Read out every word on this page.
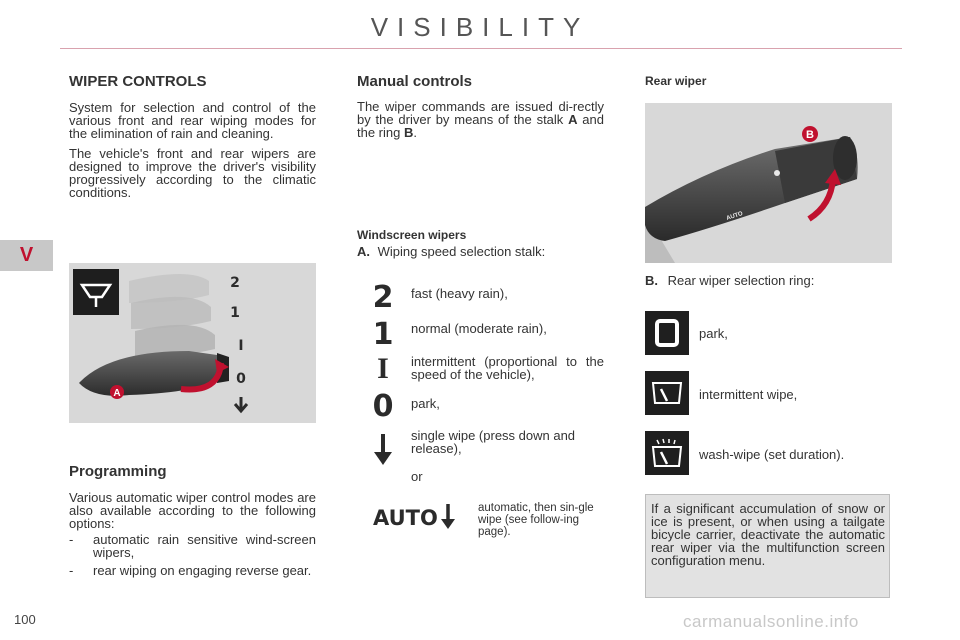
VISIBILITY
V
100
WIPER CONTROLS

System for selection and control of the various front and rear wiping modes for the elimination of rain and cleaning.

The vehicle's front and rear wipers are designed to improve the driver's visibility progressively according to the climatic conditions.

A
2
1
I
0
Programming
Various automatic wiper control modes are also available according to the following options:
-	automatic rain sensitive wind-screen wipers,
-	rear wiping on engaging reverse gear.
Manual controls
The wiper commands are issued di-rectly by the driver by means of the stalk A and the ring B.
Windscreen wipers
A. Wiping speed selection stalk:
2 fast (heavy rain),
1 normal (moderate rain),
I	intermittent (proportional to the speed of the vehicle),
0 park,
single wipe (press down and release),
or
AUTO	automatic, then sin-gle wipe (see follow-ing page).
Rear wiper
B
AUTO
B. Rear wiper selection ring:
park,
intermittent wipe,
wash-wipe (set duration).
If a significant accumulation of snow or ice is present, or when using a tailgate bicycle carrier, deactivate the automatic rear wiper via the multifunction screen configuration menu.
carmanualsonline.info
